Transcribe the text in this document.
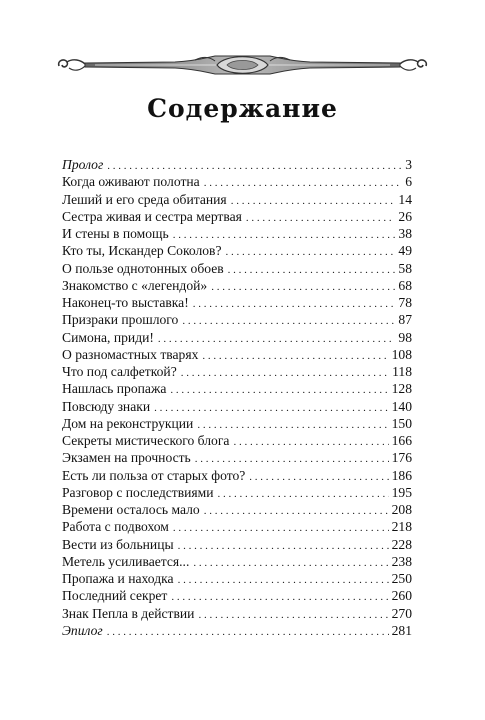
Содержание
Пролог . . .	3
Когда оживают полотна . . .	6
Леший и его среда обитания . . .	14
Сестра живая и сестра мертвая . . .	26
И стены в помощь . . .	38
Кто ты, Искандер Соколов? . . .	49
О пользе однотонных обоев . . .	58
Знакомство с «легендой» . . .	68
Наконец-то выставка! . . .	78
Призраки прошлого . . .	87
Симона, приди! . . .	98
О разномастных тварях . . .	108
Что под салфеткой? . . .	118
Нашлась пропажа . . .	128
Повсюду знаки . . .	140
Дом на реконструкции . . .	150
Секреты мистического блога . . .	166
Экзамен на прочность . . .	176
Есть ли польза от старых фото? . . .	186
Разговор с последствиями . . .	195
Времени осталось мало . . .	208
Работа с подвохом . . .	218
Вести из больницы . . .	228
Метель усиливается... . . .	238
Пропажа и находка . . .	250
Последний секрет . . .	260
Знак Пепла в действии . . .	270
Эпилог . . .	281
